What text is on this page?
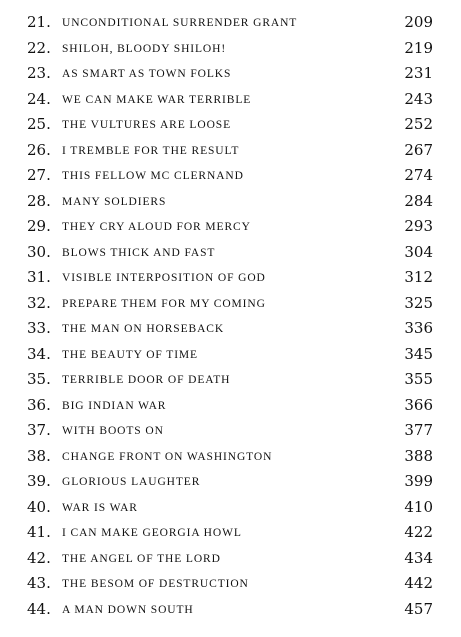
21. UNCONDITIONAL SURRENDER GRANT	209
22. SHILOH, BLOODY SHILOH!	219
23. AS SMART AS TOWN FOLKS	231
24. WE CAN MAKE WAR TERRIBLE	243
25. THE VULTURES ARE LOOSE	252
26. I TREMBLE FOR THE RESULT	267
27. THIS FELLOW MC CLERNAND	274
28. MANY SOLDIERS	284
29. THEY CRY ALOUD FOR MERCY	293
30. BLOWS THICK AND FAST	304
31. VISIBLE INTERPOSITION OF GOD	312
32. PREPARE THEM FOR MY COMING	325
33. THE MAN ON HORSEBACK	336
34. THE BEAUTY OF TIME	345
35. TERRIBLE DOOR OF DEATH	355
36. BIG INDIAN WAR	366
37. WITH BOOTS ON	377
38. CHANGE FRONT ON WASHINGTON	388
39. GLORIOUS LAUGHTER	399
40. WAR IS WAR	410
41. I CAN MAKE GEORGIA HOWL	422
42. THE ANGEL OF THE LORD	434
43. THE BESOM OF DESTRUCTION	442
44. A MAN DOWN SOUTH	457
